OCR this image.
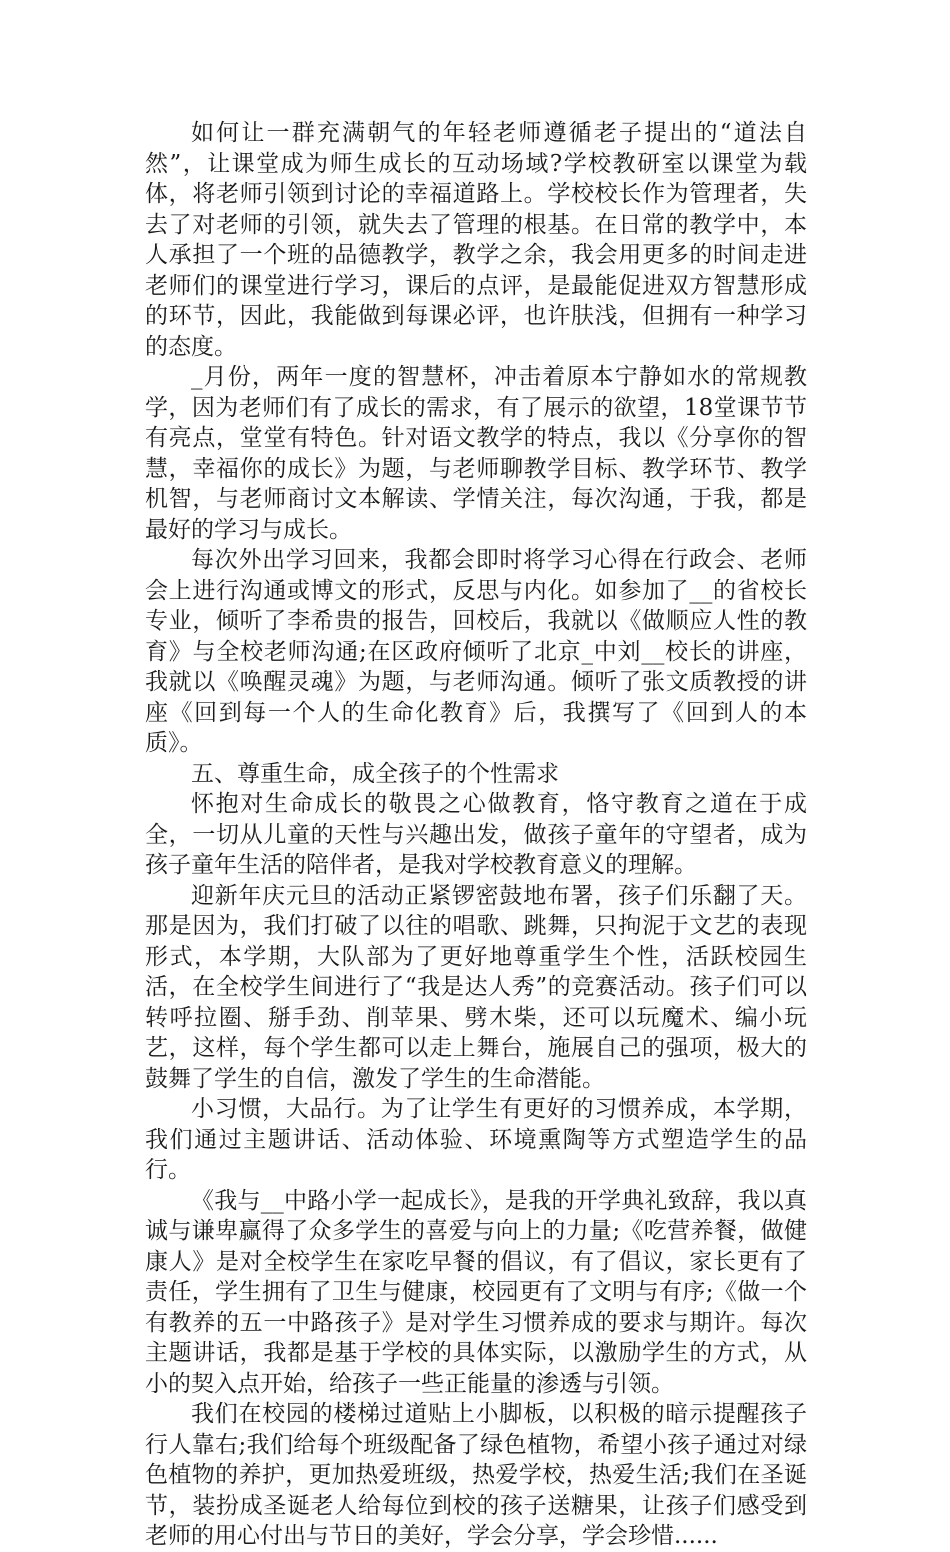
如何让一群充满朝气的年轻老师遵循老子提出的“道法自然”，让课堂成为师生成长的互动场域?学校教研室以课堂为载体，将老师引领到讨论的幸福道路上。学校校长作为管理者，失去了对老师的引领，就失去了管理的根基。在日常的教学中，本人承担了一个班的品德教学，教学之余，我会用更多的时间走进老师们的课堂进行学习，课后的点评，是最能促进双方智慧形成的环节，因此，我能做到每课必评，也许肤浅，但拥有一种学习的态度。

_月份，两年一度的智慧杯，冲击着原本宁静如水的常规教学，因为老师们有了成长的需求，有了展示的欲望，18堂课节节有亮点，堂堂有特色。针对语文教学的特点，我以《分享你的智慧，幸福你的成长》为题，与老师聊教学目标、教学环节、教学机智，与老师商讨文本解读、学情关注，每次沟通，于我，都是最好的学习与成长。

每次外出学习回来，我都会即时将学习心得在行政会、老师会上进行沟通或博文的形式，反思与内化。如参加了__的省校长专业，倾听了李希贵的报告，回校后，我就以《做顺应人性的教育》与全校老师沟通;在区政府倾听了北京_中刘__校长的讲座，我就以《唤醒灵魂》为题，与老师沟通。倾听了张文质教授的讲座《回到每一个人的生命化教育》后，我撰写了《回到人的本质》。

五、尊重生命，成全孩子的个性需求

怀抱对生命成长的敬畏之心做教育，恪守教育之道在于成全，一切从儿童的天性与兴趣出发，做孩子童年的守望者，成为孩子童年生活的陪伴者，是我对学校教育意义的理解。

迎新年庆元旦的活动正紧锣密鼓地布署，孩子们乐翻了天。那是因为，我们打破了以往的唱歌、跳舞，只拘泥于文艺的表现形式，本学期，大队部为了更好地尊重学生个性，活跃校园生活，在全校学生间进行了“我是达人秀”的竞赛活动。孩子们可以转呼拉圈、掰手劲、削苹果、劈木柴，还可以玩魔术、编小玩艺，这样，每个学生都可以走上舞台，施展自己的强项，极大的鼓舞了学生的自信，激发了学生的生命潜能。

小习惯，大品行。为了让学生有更好的习惯养成，本学期，我们通过主题讲话、活动体验、环境熏陶等方式塑造学生的品行。

《我与__中路小学一起成长》，是我的开学典礼致辞，我以真诚与谦卑赢得了众多学生的喜爱与向上的力量;《吃营养餐，做健康人》是对全校学生在家吃早餐的倡议，有了倡议，家长更有了责任，学生拥有了卫生与健康，校园更有了文明与有序;《做一个有教养的五一中路孩子》是对学生习惯养成的要求与期许。每次主题讲话，我都是基于学校的具体实际，以激励学生的方式，从小的契入点开始，给孩子一些正能量的渗透与引领。

我们在校园的楼梯过道贴上小脚板，以积极的暗示提醒孩子行人靠右;我们给每个班级配备了绿色植物，希望小孩子通过对绿色植物的养护，更加热爱班级，热爱学校，热爱生活;我们在圣诞节，装扮成圣诞老人给每位到校的孩子送糖果，让孩子们感受到老师的用心付出与节日的美好，学会分享，学会珍惜......
